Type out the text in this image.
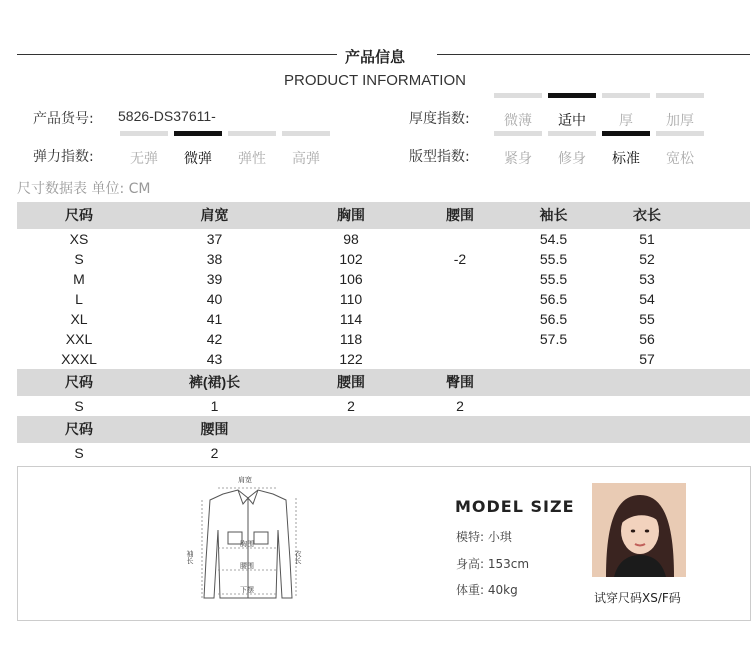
产品信息
PRODUCT INFORMATION
产品货号: 5826-DS37611-	厚度指数:
弹力指数:	版型指数:
尺寸数据表 单位: CM
尺码	肩宽	胸围	腰围	袖长	衣长	
XS	37	98		54.5	51	
S	38	102	-2	55.5	52	
M	39	106		55.5	53	
L	40	110		56.5	54	
XL	41	114		56.5	55	
XXL	42	118		57.5	56	
XXXL	43	122			57	
尺码	裤(裙)长	腰围	臀围			
S	1	2	2			
尺码	腰围					
S	2					
肩宽
胸围
腰围
下摆
袖长	衣长
MODEL SIZE
模特: 小琪
身高: 153cm
体重: 40kg
试穿尺码XS/F码
微薄	适中	厚	加厚
无弹	微弹	弹性	高弹	紧身	修身	标准	宽松
